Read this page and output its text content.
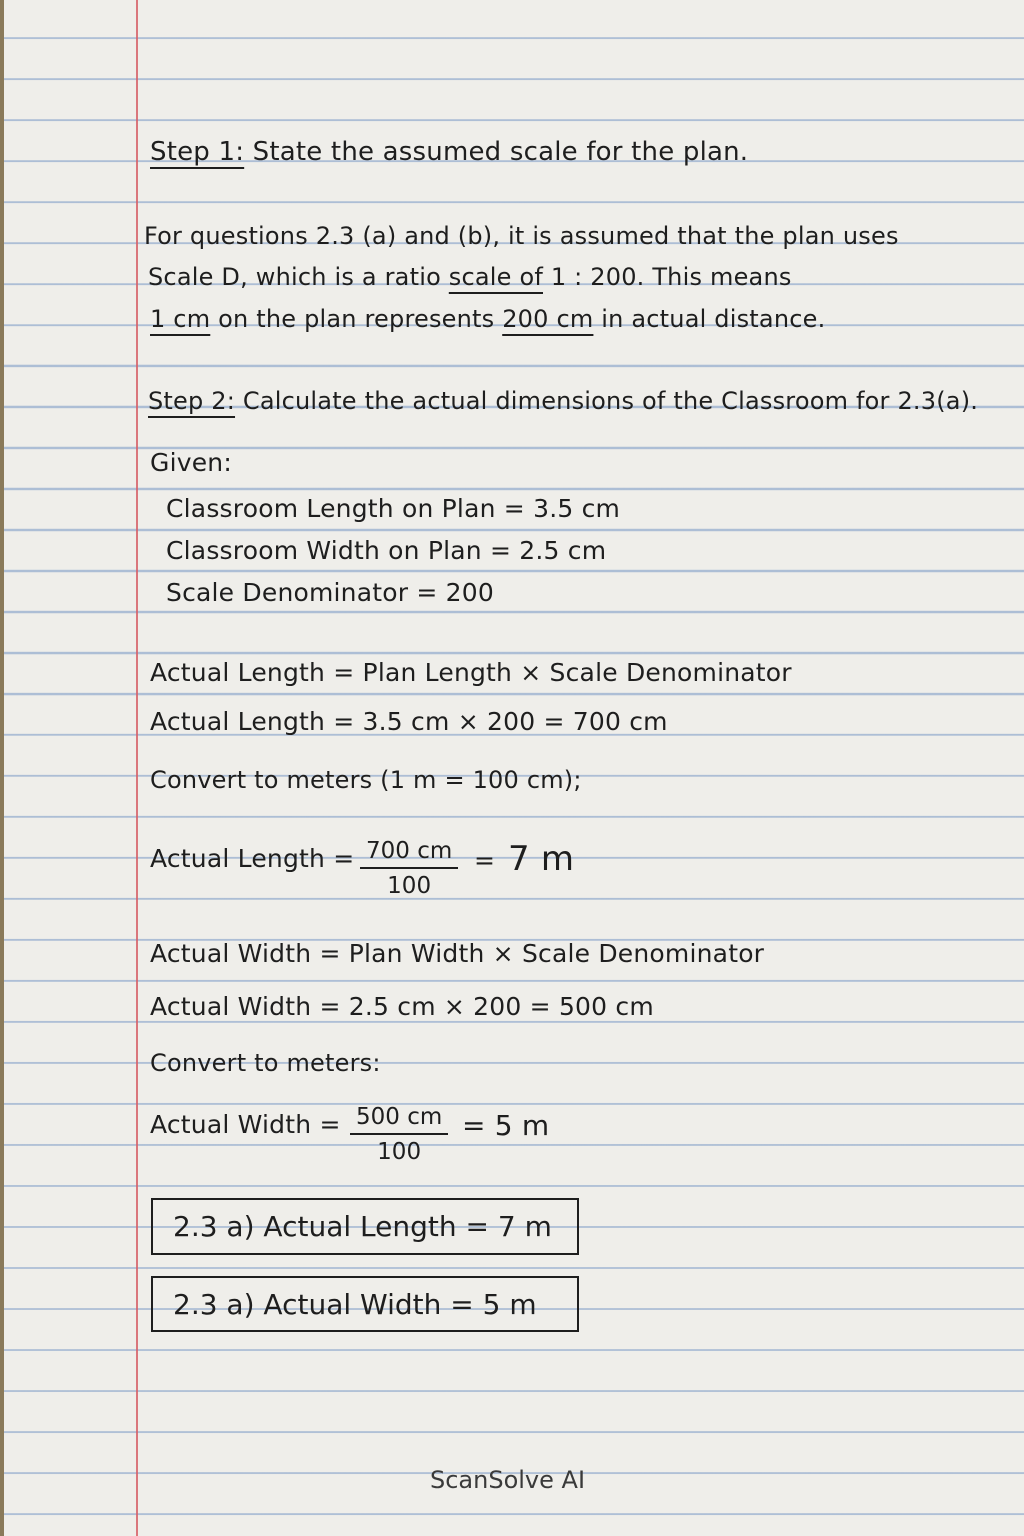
Step 1: State the assumed scale for the plan.
For questions 2.3 (a) and (b), it is assumed that the plan uses
Scale D, which is a ratio scale of 1 : 200. This means
1 cm on the plan represents 200 cm in actual distance.
Step 2: Calculate the actual dimensions of the Classroom for 2.3(a).
Given:
Classroom Length on Plan = 3.5 cm
Classroom Width on Plan = 2.5 cm
Scale Denominator = 200
Actual Length = Plan Length × Scale Denominator
Actual Length = 3.5 cm × 200 = 700 cm
Convert to meters (1 m = 100 cm);
Actual Length = $\frac{700 cm}{100} = 7$ m
Actual Width = Plan Width × Scale Denominator
Actual Width = 2.5 cm × 200 = 500 cm
Convert to meters:
Actual Width = $\frac{500 cm}{100} = 5$ m
2.3 a) Actual Length = 7 m
2.3 a) Actual Width = 5 m
ScanSolve AI
